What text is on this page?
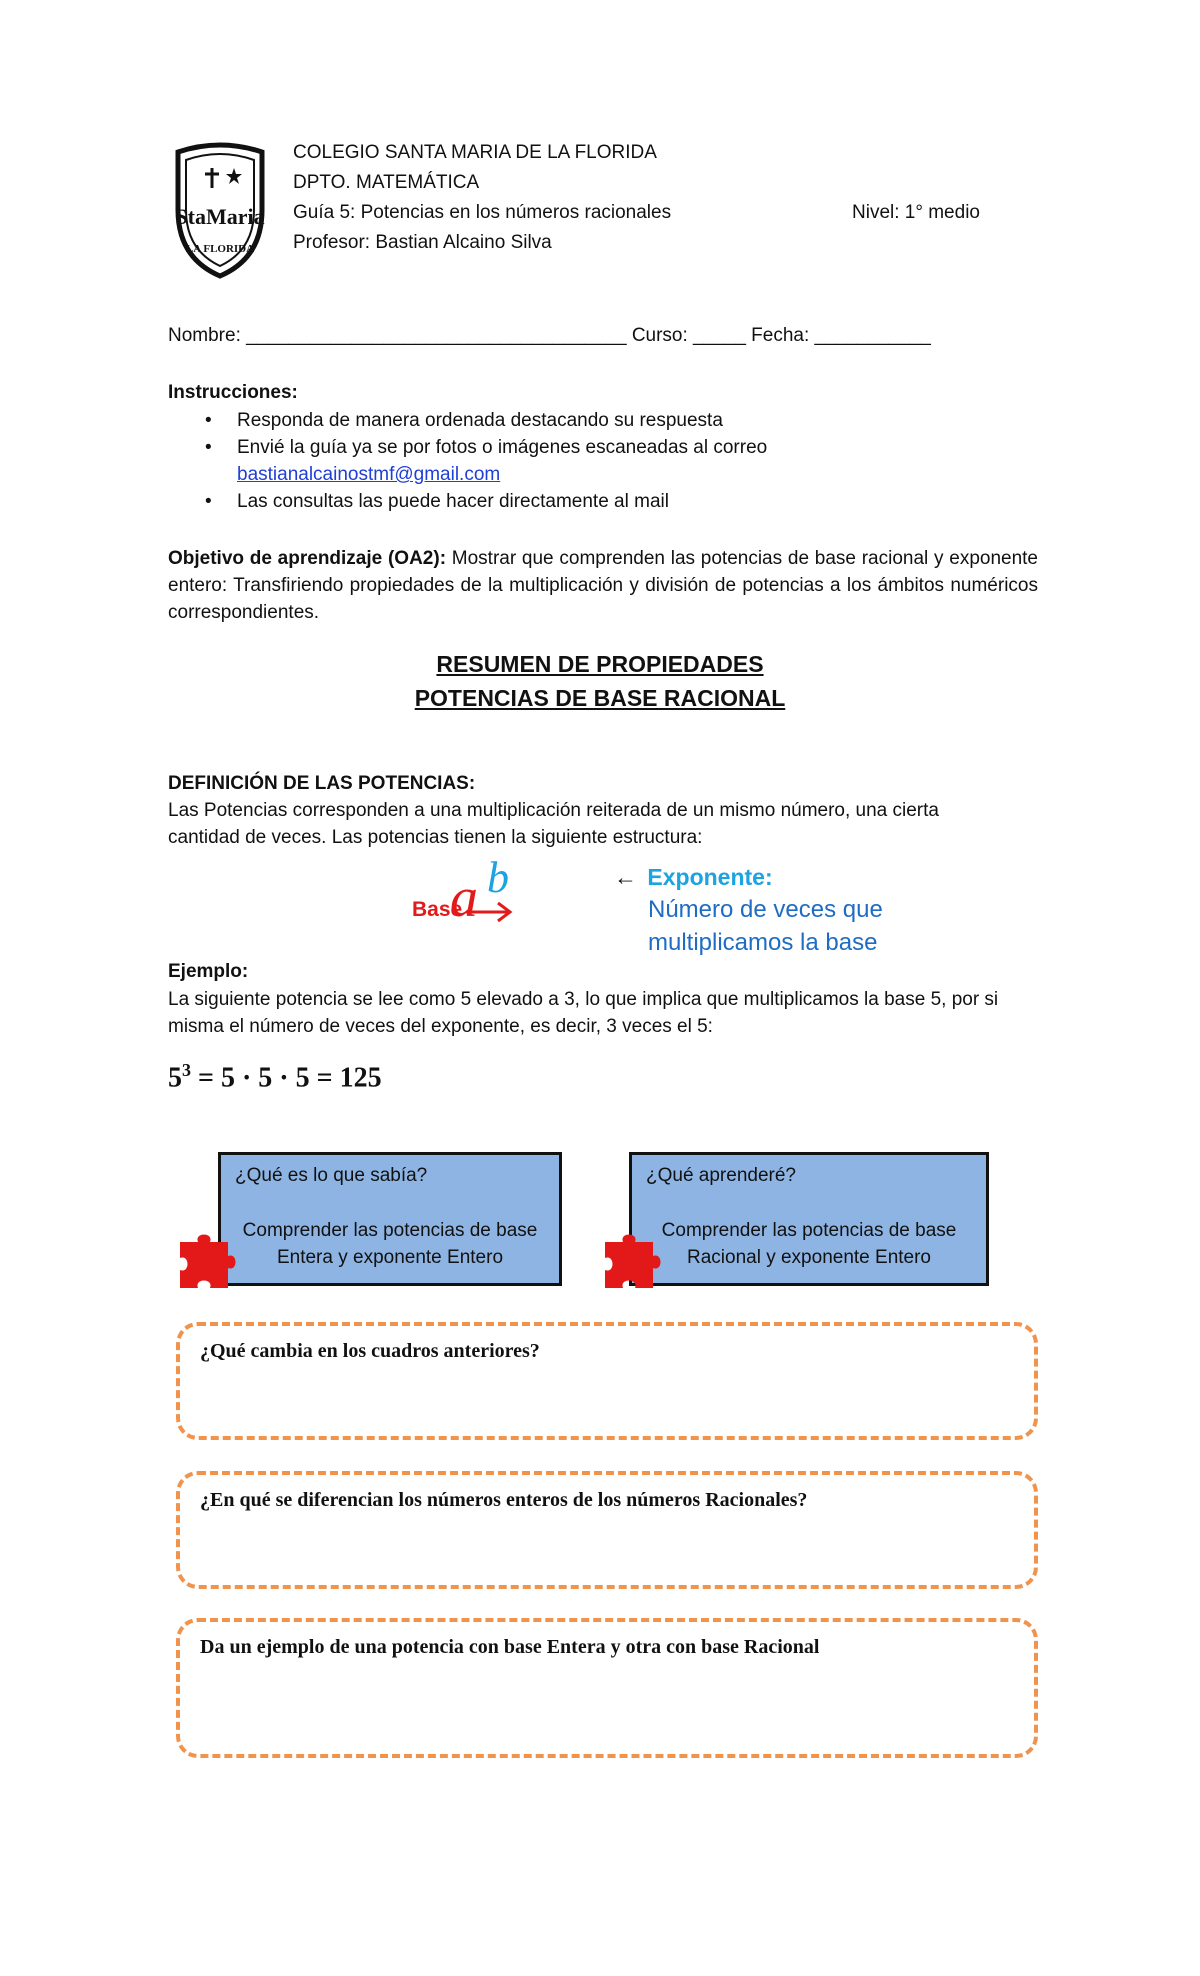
StaMaria
LA FLORIDA
COLEGIO SANTA MARIA DE LA FLORIDA
DPTO. MATEMÁTICA
Guía 5: Potencias en los números racionales	Nivel: 1° medio
Profesor: Bastian Alcaino Silva
Nombre: ____________________________________ Curso: _____ Fecha: ___________
Instrucciones:
• Responda de manera ordenada destacando su respuesta
• Envié la guía ya se por fotos o imágenes escaneadas al correo
bastianalcainostmf@gmail.com
• Las consultas las puede hacer directamente al mail
Objetivo de aprendizaje (OA2): Mostrar que comprenden las potencias de base racional y exponente entero: Transfiriendo propiedades de la multiplicación y división de potencias a los ámbitos numéricos correspondientes.
RESUMEN DE PROPIEDADES
POTENCIAS DE BASE RACIONAL
DEFINICIÓN DE LAS POTENCIAS:
Las Potencias corresponden a una multiplicación reiterada de un mismo número, una cierta cantidad de veces. Las potencias tienen la siguiente estructura:
Base
a b	← Exponente:
Número de veces que
multiplicamos la base
Ejemplo:
La siguiente potencia se lee como 5 elevado a 3, lo que implica que multiplicamos la base 5, por si misma el número de veces del exponente, es decir, 3 veces el 5:
$5^3 = 5 \cdot 5 \cdot 5 = 125$
¿Qué es lo que sabía?
Comprender las potencias de base
Entera y exponente Entero
¿Qué aprenderé?
Comprender las potencias de base
Racional y exponente Entero
¿Qué cambia en los cuadros anteriores?
¿En qué se diferencian los números enteros de los números Racionales?
Da un ejemplo de una potencia con base Entera y otra con base Racional
